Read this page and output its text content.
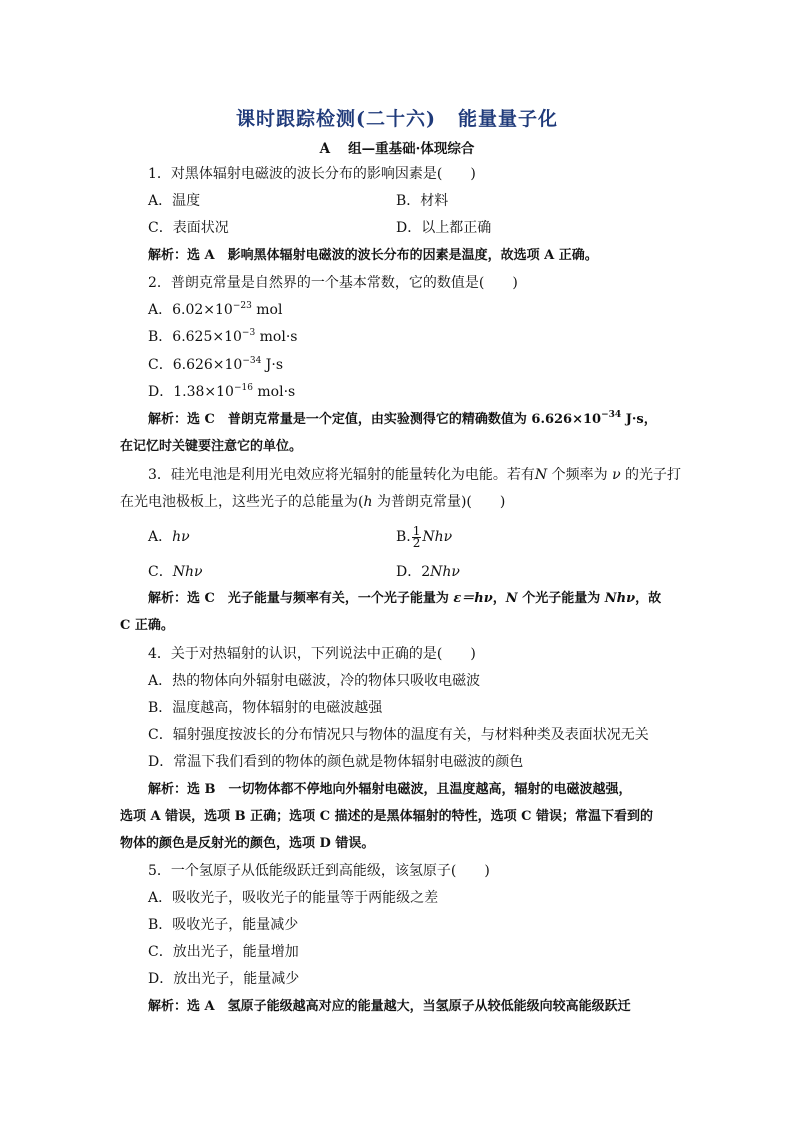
课时跟踪检测(二十六) 能量量子化
A 组—重基础·体现综合
1．对黑体辐射电磁波的波长分布的影响因素是(　　)
A．温度	B．材料
C．表面状况	D．以上都正确
解析：选 A　影响黑体辐射电磁波的波长分布的因素是温度，故选项 A 正确。
2．普朗克常量是自然界的一个基本常数，它的数值是(　　)
A．$6.02\times 10^{-23}$ mol
B．$6.625\times 10^{-3}$ mol·s
C．$6.626\times 10^{-34}$ J·s
D．$1.38\times 10^{-16}$ mol·s
解析：选 C　普朗克常量是一个定值，由实验测得它的精确数值为 $6.626\times 10^{-34}$ J·s，
在记忆时关键要注意它的单位。
3．硅光电池是利用光电效应将光辐射的能量转化为电能。若有N 个频率为 ν 的光子打
在光电池极板上，这些光子的总能量为(h 为普朗克常量)(　　)
A．hν	B. $\frac{1}{2}$ Nhν
C．Nhν	D．2Nhν
解析：选 C　光子能量与频率有关，一个光子能量为 ε＝hν，N 个光子能量为 Nhν，故
C 正确。
4．关于对热辐射的认识，下列说法中正确的是(　　)
A．热的物体向外辐射电磁波，冷的物体只吸收电磁波
B．温度越高，物体辐射的电磁波越强
C．辐射强度按波长的分布情况只与物体的温度有关，与材料种类及表面状况无关
D．常温下我们看到的物体的颜色就是物体辐射电磁波的颜色
解析：选 B　一切物体都不停地向外辐射电磁波，且温度越高，辐射的电磁波越强，
选项 A 错误，选项 B 正确；选项 C 描述的是黑体辐射的特性，选项 C 错误；常温下看到的
物体的颜色是反射光的颜色，选项 D 错误。
5．一个氢原子从低能级跃迁到高能级，该氢原子(　　)
A．吸收光子，吸收光子的能量等于两能级之差
B．吸收光子，能量减少
C．放出光子，能量增加
D．放出光子，能量减少
解析：选 A　氢原子能级越高对应的能量越大，当氢原子从较低能级向较高能级跃迁
